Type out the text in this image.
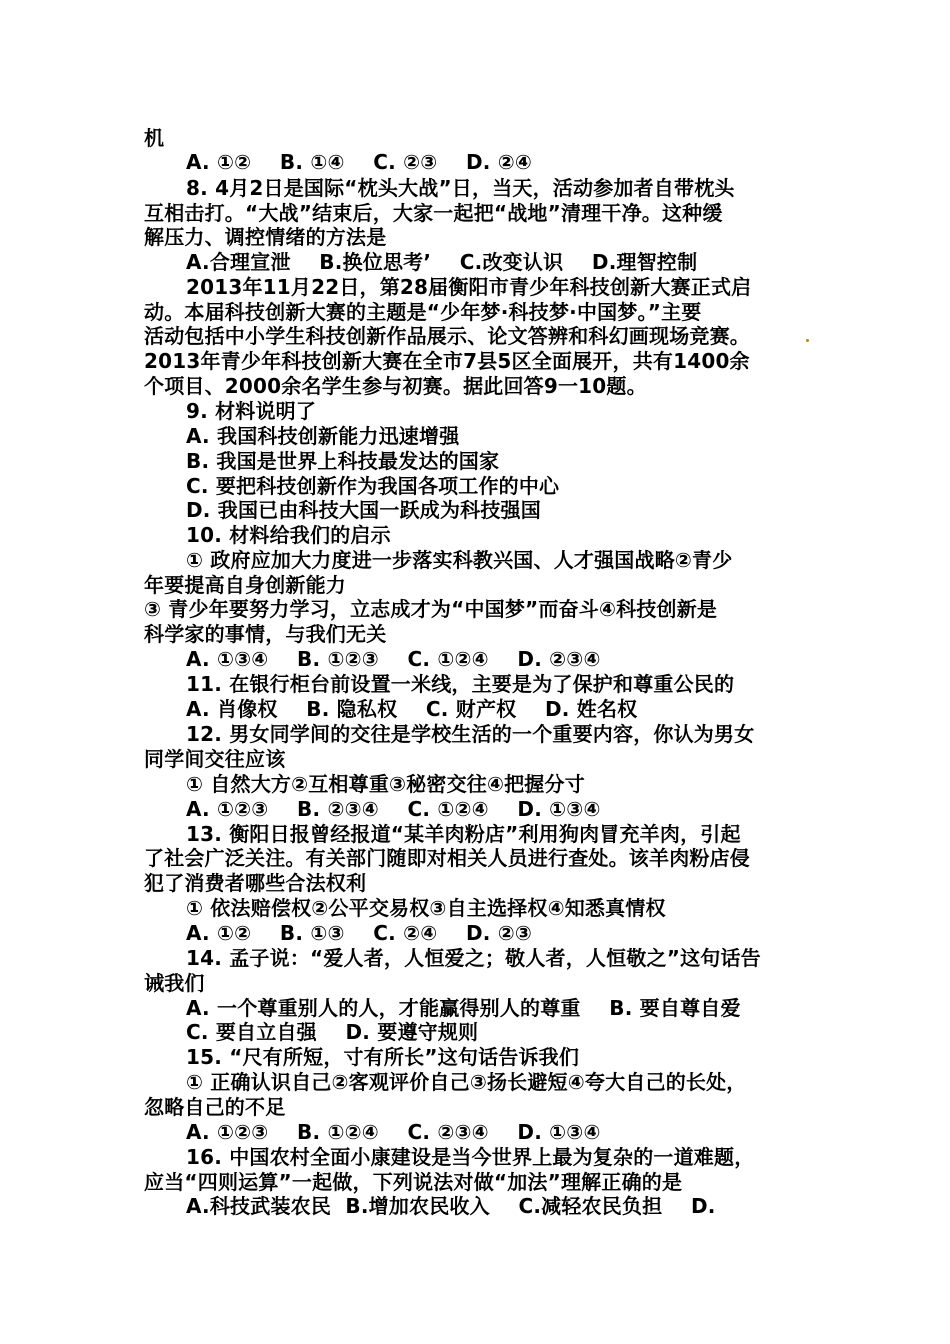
机
A. ①②    B. ①④    C. ②③    D. ②④
8. 4月2日是国际“枕头大战”日，当天，活动参加者自带枕头
互相击打。“大战”结束后，大家一起把“战地”清理干净。这种缓
解压力、调控情绪的方法是
A.合理宣泄    B.换位思考’    C.改变认识    D.理智控制
2013年11月22日，第28届衡阳市青少年科技创新大赛正式启
动。本届科技创新大赛的主题是“少年梦·科技梦·中国梦。”主要
活动包括中小学生科技创新作品展示、论文答辨和科幻画现场竞赛。
2013年青少年科技创新大赛在全市7县5区全面展开，共有1400余
个项目、2000余名学生参与初赛。据此回答9一10题。
9. 材料说明了
A. 我国科技创新能力迅速增强
B. 我国是世界上科技最发达的国家
C. 要把科技创新作为我国各项工作的中心
D. 我国已由科技大国一跃成为科技强国
10. 材料给我们的启示
① 政府应加大力度进一步落实科教兴国、人才强国战略②青少
年要提高自身创新能力
③ 青少年要努力学习，立志成才为“中国梦”而奋斗④科技创新是
科学家的事情，与我们无关
A. ①③④    B. ①②③    C. ①②④    D. ②③④
11. 在银行柜台前设置一米线，主要是为了保护和尊重公民的
A. 肖像权    B. 隐私权    C. 财产权    D. 姓名权
12. 男女同学间的交往是学校生活的一个重要内容，你认为男女
同学间交往应该
① 自然大方②互相尊重③秘密交往④把握分寸
A. ①②③    B. ②③④    C. ①②④    D. ①③④
13. 衡阳日报曾经报道“某羊肉粉店”利用狗肉冒充羊肉，引起
了社会广泛关注。有关部门随即对相关人员进行查处。该羊肉粉店侵
犯了消费者哪些合法权利
① 依法赔偿权②公平交易权③自主选择权④知悉真情权
A. ①②    B. ①③    C. ②④    D. ②③
14. 孟子说：“爱人者，人恒爱之；敬人者，人恒敬之”这句话告
诫我们
A. 一个尊重别人的人，才能赢得别人的尊重    B. 要自尊自爱
C. 要自立自强    D. 要遵守规则
15. “尺有所短，寸有所长”这句话告诉我们
① 正确认识自己②客观评价自己③扬长避短④夸大自己的长处，
忽略自己的不足
A. ①②③    B. ①②④    C. ②③④    D. ①③④
16. 中国农村全面小康建设是当今世界上最为复杂的一道难题，
应当“四则运算”一起做，下列说法对做“加法”理解正确的是
A.科技武装农民  B.增加农民收入    C.减轻农民负担    D.
